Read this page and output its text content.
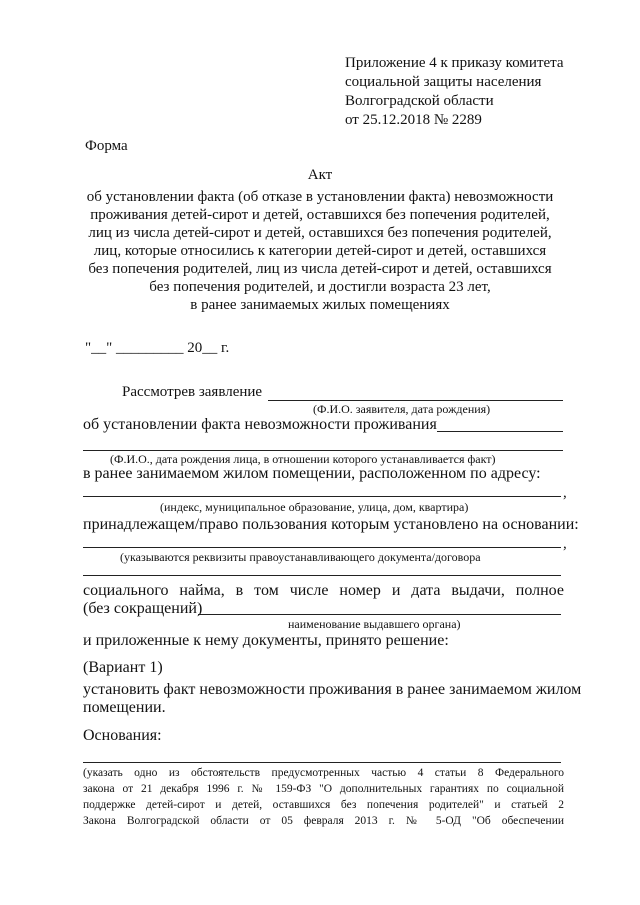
Приложение 4 к приказу комитета
социальной защиты населения
Волгоградской области
от 25.12.2018 № 2289
Форма
Акт
об установлении факта (об отказе в установлении факта) невозможности
проживания детей-сирот и детей, оставшихся без попечения родителей,
лиц из числа детей-сирот и детей, оставшихся без попечения родителей,
лиц, которые относились к категории детей-сирот и детей, оставшихся
без попечения родителей, лиц из числа детей-сирот и детей, оставшихся
без попечения родителей, и достигли возраста 23 лет,
в ранее занимаемых жилых помещениях
"__" _________ 20__ г.
Рассмотрев заявление
(Ф.И.О. заявителя, дата рождения)
об установлении факта невозможности проживания
(Ф.И.О., дата рождения лица, в отношении которого устанавливается факт)
в ранее занимаемом жилом помещении, расположенном по адресу:
,
(индекс, муниципальное образование, улица, дом, квартира)
принадлежащем/право пользования которым установлено на основании:
,
(указываются реквизиты правоустанавливающего документа/договора
социального найма, в том числе номер и дата выдачи, полное
(без сокращений)
наименование выдавшего органа)
и приложенные к нему документы, принято решение:
(Вариант 1)
установить факт невозможности проживания в ранее занимаемом жилом
помещении.
Основания:
(указать одно из обстоятельств предусмотренных частью 4 статьи 8 Федерального
закона от 21 декабря 1996 г. № 159-ФЗ "О дополнительных гарантиях по социальной
поддержке детей-сирот и детей, оставшихся без попечения родителей" и статьей 2
Закона Волгоградской области от 05 февраля 2013 г. № 5-ОД "Об обеспечении
